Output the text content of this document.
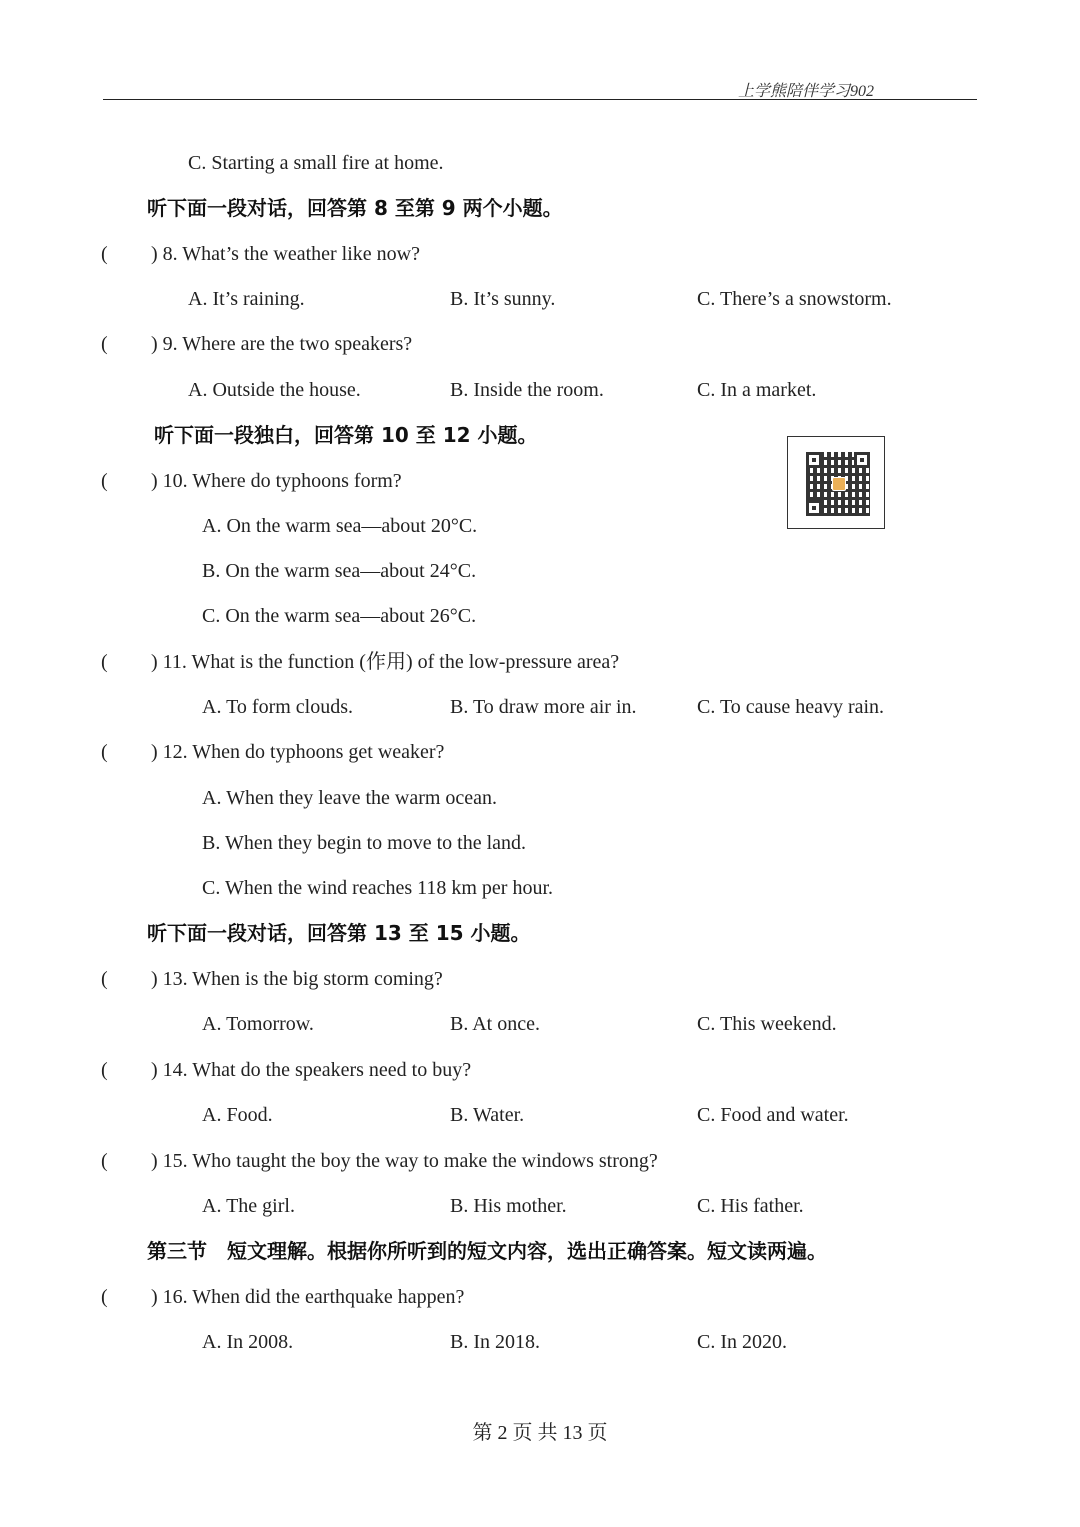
上学熊陪伴学习902
C. Starting a small fire at home.
听下面一段对话，回答第 8 至第 9 两个小题。
( ) 8. What’s the weather like now?
A. It’s raining.	B. It’s sunny.	C. There’s a snowstorm.
( ) 9. Where are the two speakers?
A. Outside the house.	B. Inside the room.	C. In a market.
听下面一段独白，回答第 10 至 12 小题。
( ) 10. Where do typhoons form?
A. On the warm sea—about 20°C.
B. On the warm sea—about 24°C.
C. On the warm sea—about 26°C.
( ) 11. What is the function (作用) of the low-pressure area?
A. To form clouds.	B. To draw more air in.	C. To cause heavy rain.
( ) 12. When do typhoons get weaker?
A. When they leave the warm ocean.
B. When they begin to move to the land.
C. When the wind reaches 118 km per hour.
听下面一段对话，回答第 13 至 15 小题。
( ) 13. When is the big storm coming?
A. Tomorrow.	B. At once.	C. This weekend.
( ) 14. What do the speakers need to buy?
A. Food.	B. Water.	C. Food and water.
( ) 15. Who taught the boy the way to make the windows strong?
A. The girl.	B. His mother.	C. His father.
第三节　短文理解。根据你所听到的短文内容，选出正确答案。短文读两遍。
( ) 16. When did the earthquake happen?
A. In 2008.	B. In 2018.	C. In 2020.
第 2 页 共 13 页
